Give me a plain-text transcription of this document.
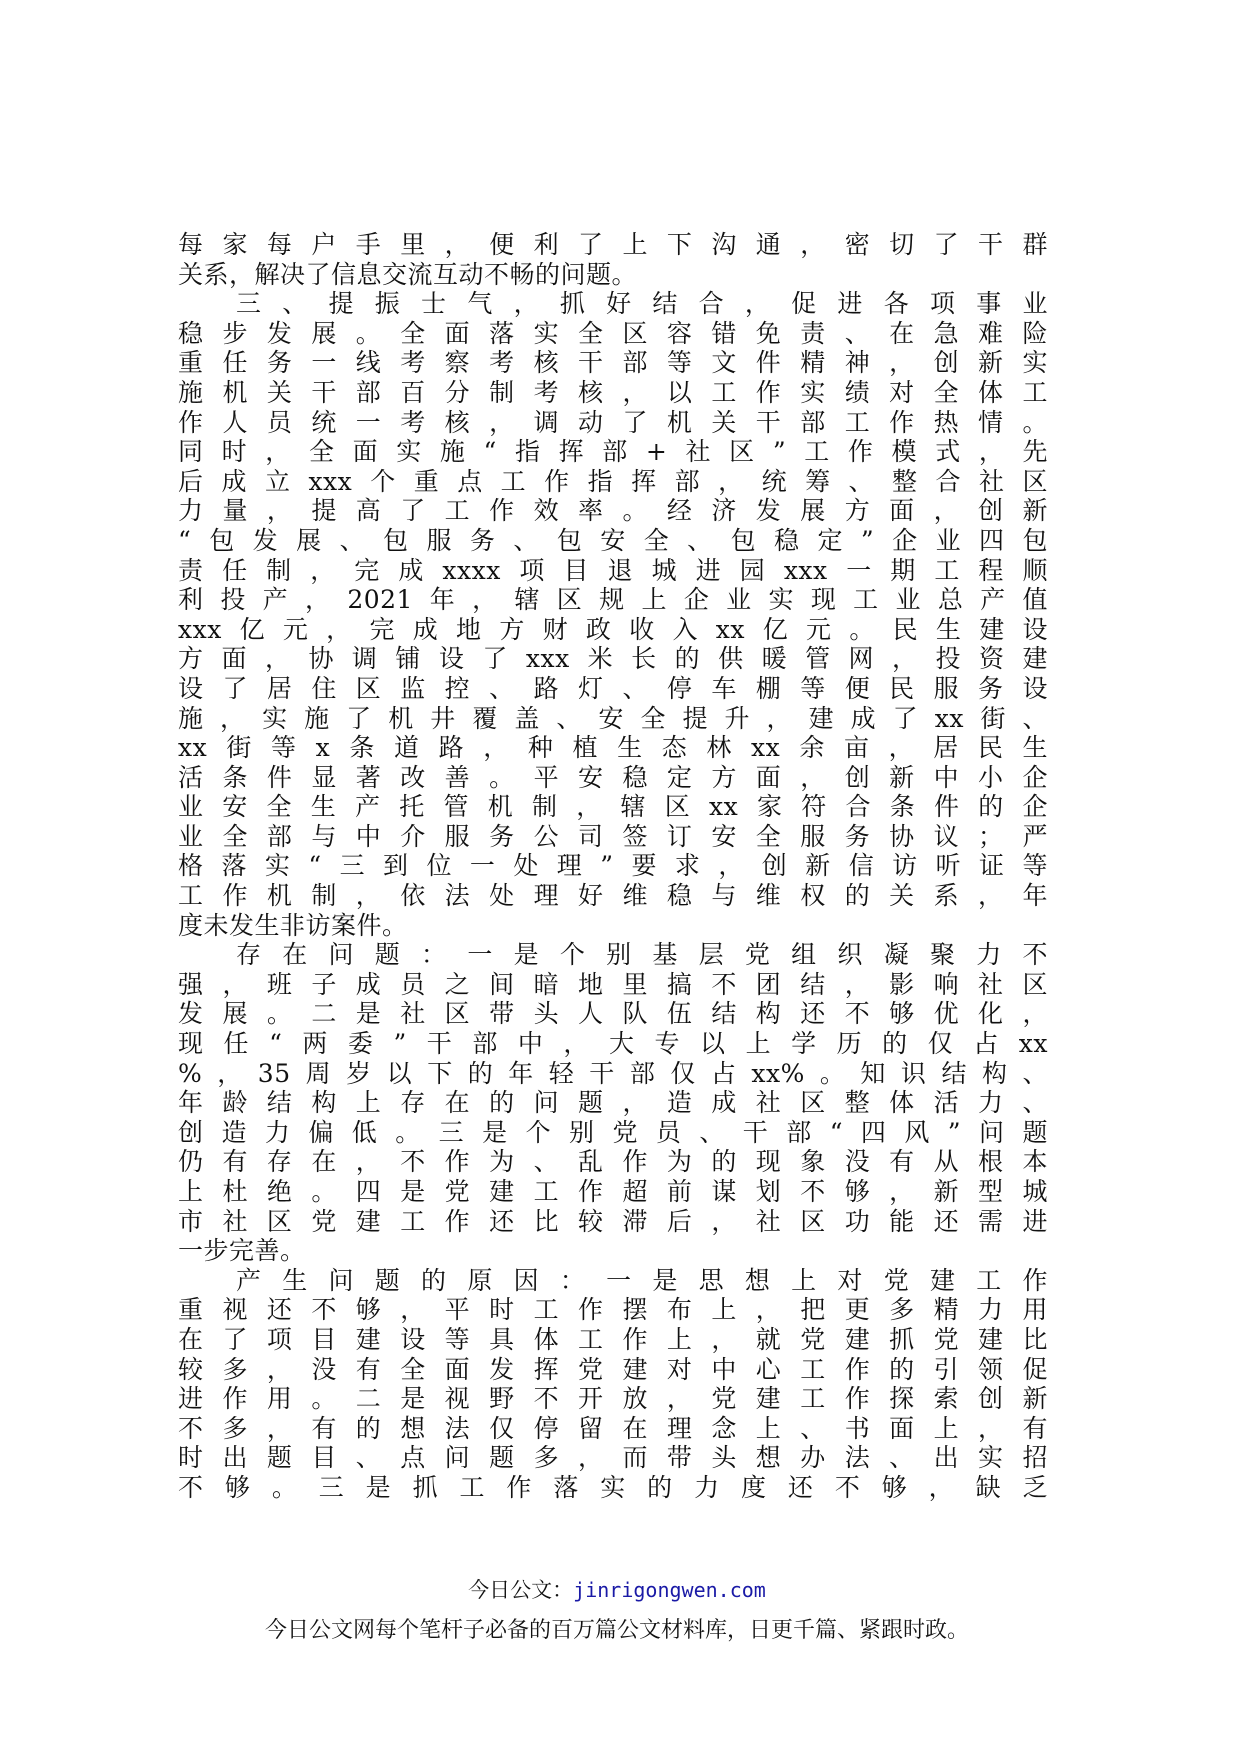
每家每户手里，便利了上下沟通，密切了干群
关系，解决了信息交流互动不畅的问题。
三、提振士气，抓好结合，促进各项事业
稳步发展。全面落实全区容错免责、在急难险
重任务一线考察考核干部等文件精神，创新实
施机关干部百分制考核，以工作实绩对全体工
作人员统一考核，调动了机关干部工作热情。
同时，全面实施“指挥部+社区”工作模式，先
后成立xxx个重点工作指挥部，统筹、整合社区
力量，提高了工作效率。经济发展方面，创新
“包发展、包服务、包安全、包稳定”企业四包
责任制，完成xxxx项目退城进园xxx一期工程顺
利投产，2021年，辖区规上企业实现工业总产值
xxx亿元，完成地方财政收入xx亿元。民生建设
方面，协调铺设了xxx米长的供暖管网，投资建
设了居住区监控、路灯、停车棚等便民服务设
施，实施了机井覆盖、安全提升，建成了xx街、
xx街等x条道路，种植生态林xx余亩，居民生
活条件显著改善。平安稳定方面，创新中小企
业安全生产托管机制，辖区xx家符合条件的企
业全部与中介服务公司签订安全服务协议；严
格落实“三到位一处理”要求，创新信访听证等
工作机制，依法处理好维稳与维权的关系，年
度未发生非访案件。
存在问题：一是个别基层党组织凝聚力不
强，班子成员之间暗地里搞不团结，影响社区
发展。二是社区带头人队伍结构还不够优化，
现任“两委”干部中，大专以上学历的仅占xx
%，35周岁以下的年轻干部仅占xx%。知识结构、
年龄结构上存在的问题，造成社区整体活力、
创造力偏低。三是个别党员、干部“四风”问题
仍有存在，不作为、乱作为的现象没有从根本
上杜绝。四是党建工作超前谋划不够，新型城
市社区党建工作还比较滞后，社区功能还需进
一步完善。
产生问题的原因：一是思想上对党建工作
重视还不够，平时工作摆布上，把更多精力用
在了项目建设等具体工作上，就党建抓党建比
较多，没有全面发挥党建对中心工作的引领促
进作用。二是视野不开放，党建工作探索创新
不多，有的想法仅停留在理念上、书面上，有
时出题目、点问题多，而带头想办法、出实招
不够。三是抓工作落实的力度还不够，缺乏
今日公文：jinrigongwen.com
今日公文网每个笔杆子必备的百万篇公文材料库，日更千篇、紧跟时政。
